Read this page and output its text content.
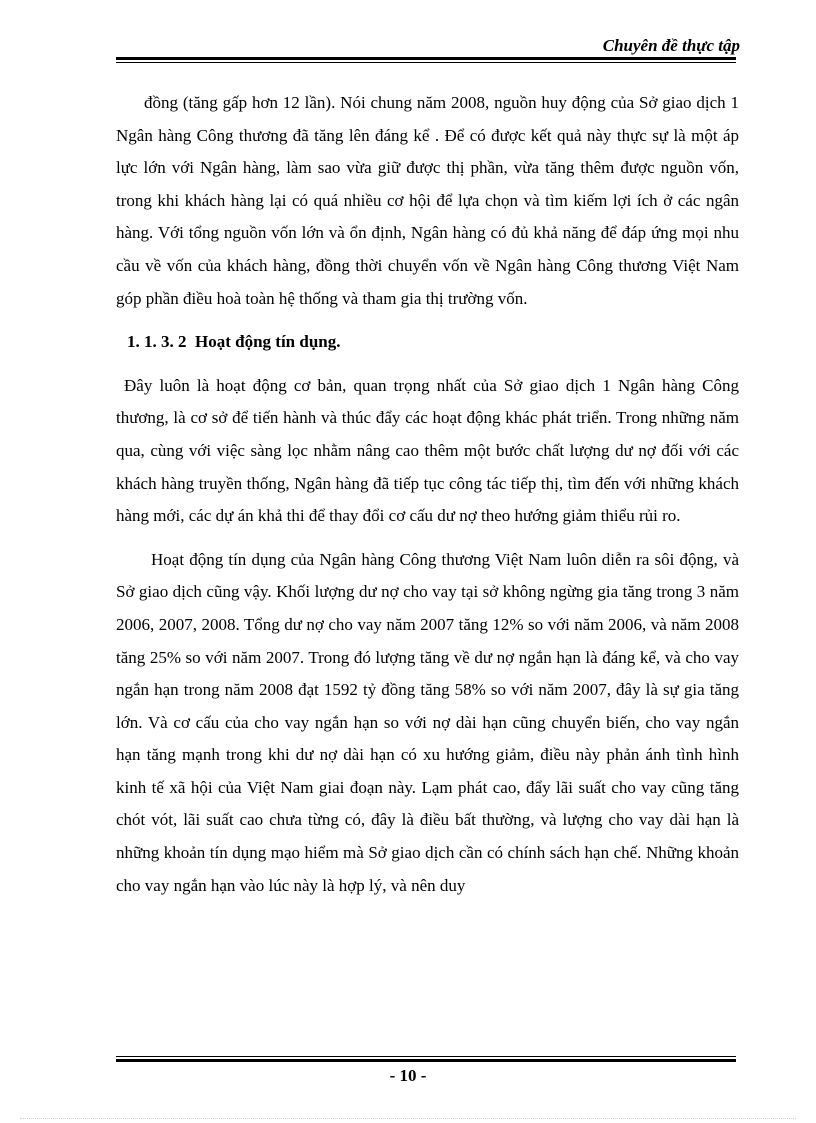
Chuyên đề thực tập

đồng (tăng gấp hơn 12 lần). Nói chung năm 2008, nguồn huy động của Sở giao dịch 1 Ngân hàng Công thương đã tăng lên đáng kể . Để có được kết quả này thực sự là một áp lực lớn với Ngân hàng, làm sao vừa giữ được thị phần, vừa tăng thêm được nguồn vốn, trong khi khách hàng lại có quá nhiều cơ hội để lựa chọn và tìm kiếm lợi ích ở các ngân hàng. Với tổng nguồn vốn lớn và ổn định, Ngân hàng có đủ khả năng để đáp ứng mọi nhu cầu về vốn của khách hàng, đồng thời chuyển vốn về Ngân hàng Công thương Việt Nam góp phần điều hoà toàn hệ thống và tham gia thị trường vốn.

1. 1. 3. 2 Hoạt động tín dụng.

Đây luôn là hoạt động cơ bản, quan trọng nhất của Sở giao dịch 1 Ngân hàng Công thương, là cơ sở để tiến hành và thúc đẩy các hoạt động khác phát triển. Trong những năm qua, cùng với việc sàng lọc nhằm nâng cao thêm một bước chất lượng dư nợ đối với các khách hàng truyền thống, Ngân hàng đã tiếp tục công tác tiếp thị, tìm đến với những khách hàng mới, các dự án khả thi để thay đổi cơ cấu dư nợ theo hướng giảm thiểu rủi ro.

Hoạt động tín dụng của Ngân hàng Công thương Việt Nam luôn diễn ra sôi động, và Sở giao dịch cũng vậy. Khối lượng dư nợ cho vay tại sở không ngừng gia tăng trong 3 năm 2006, 2007, 2008. Tổng dư nợ cho vay năm 2007 tăng 12% so với năm 2006, và năm 2008 tăng 25% so với năm 2007. Trong đó lượng tăng về dư nợ ngắn hạn là đáng kể, và cho vay ngắn hạn trong năm 2008 đạt 1592 tỷ đồng tăng 58% so với năm 2007, đây là sự gia tăng lớn. Và cơ cấu của cho vay ngắn hạn so với nợ dài hạn cũng chuyển biến, cho vay ngắn hạn tăng mạnh trong khi dư nợ dài hạn có xu hướng giảm, điều này phản ánh tình hình kinh tế xã hội của Việt Nam giai đoạn này. Lạm phát cao, đẩy lãi suất cho vay cũng tăng chót vót, lãi suất cao chưa từng có, đây là điều bất thường, và lượng cho vay dài hạn là những khoản tín dụng mạo hiểm mà Sở giao dịch cần có chính sách hạn chế. Những khoản cho vay ngắn hạn vào lúc này là hợp lý, và nên duy

- 10 -
